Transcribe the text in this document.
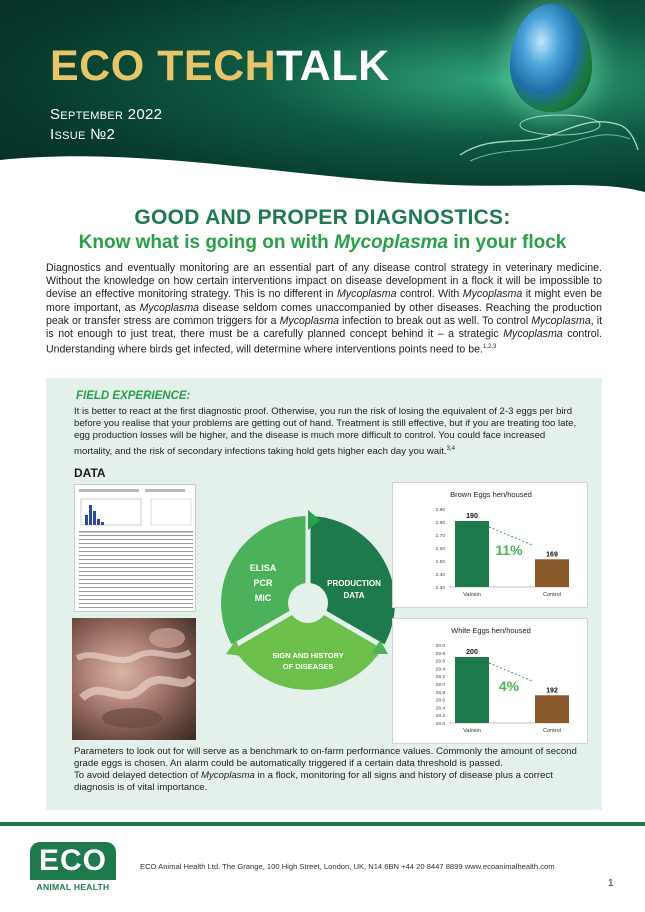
ECO TECHTALK
September 2022
Issue №2
GOOD AND PROPER DIAGNOSTICS:
Know what is going on with Mycoplasma in your flock
Diagnostics and eventually monitoring are an essential part of any disease control strategy in veterinary medicine. Without the knowledge on how certain interventions impact on disease development in a flock it will be impossible to devise an effective monitoring strategy. This is no different in Mycoplasma control. With Mycoplasma it might even be more important, as Mycoplasma disease seldom comes unaccompanied by other diseases. Reaching the production peak or transfer stress are common triggers for a Mycoplasma infection to break out as well. To control Mycoplasma, it is not enough to just treat, there must be a carefully planned concept behind it – a strategic Mycoplasma control. Understanding where birds get infected, will determine where interventions points need to be.$^{1,2,3}$
FIELD EXPERIENCE:
It is better to react at the first diagnostic proof. Otherwise, you run the risk of losing the equivalent of 2-3 eggs per bird before you realise that your problems are getting out of hand. Treatment is still effective, but if you are treating too late, egg production losses will be higher, and the disease is much more difficult to control. You could face increased mortality, and the risk of secondary infections taking hold gets higher each day you wait.$^{3,4}$
DATA
ELISA
PCR
MIC
PRODUCTION
DATA
SIGN AND HISTORY
OF DISEASES
Brown Eggs hen/housed
2.90
2.80
2.70
2.60
2.50
2.40
2.30
190
Valosin
169
Control
11%
White Eggs hen/housed
30.0
29.8
29.6
29.4
29.2
29.0
28.8
28.6
28.4
28.2
28.0
200
Valosin
192
Control
4%
Parameters to look out for will serve as a benchmark to on-farm performance values. Commonly the amount of second grade eggs is chosen. An alarm could be automatically triggered if a certain data threshold is passed.
To avoid delayed detection of Mycoplasma in a flock, monitoring for all signs and history of disease plus a correct diagnosis is of vital importance.
ECO
ANIMAL HEALTH
ECO Animal Health Ltd. The Grange, 100 High Street, London, UK, N14 6BN +44 20 8447 8899 www.ecoanimalhealth.com
1
